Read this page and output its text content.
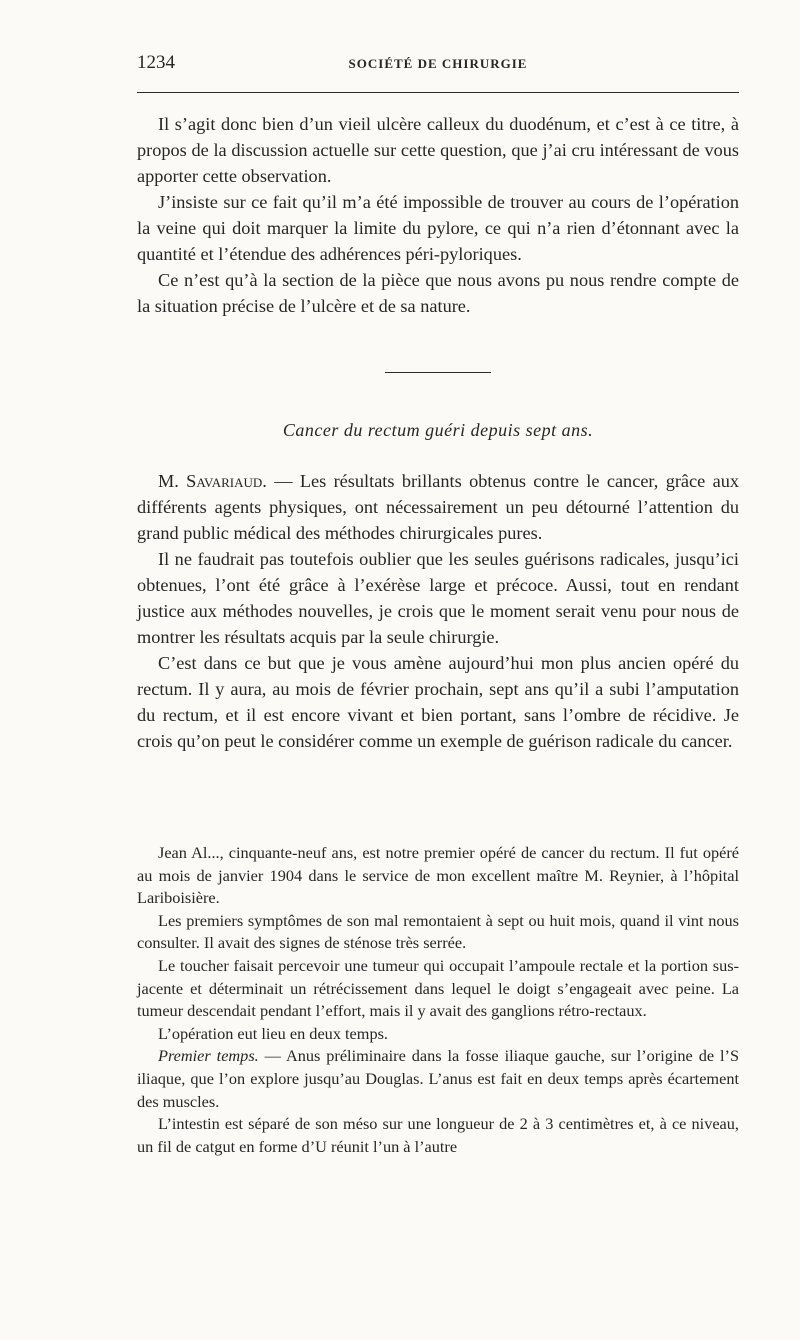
1234	SOCIÉTÉ DE CHIRURGIE

Il s’agit donc bien d’un vieil ulcère calleux du duodénum, et c’est à ce titre, à propos de la discussion actuelle sur cette question, que j’ai cru intéressant de vous apporter cette observation.

J’insiste sur ce fait qu’il m’a été impossible de trouver au cours de l’opération la veine qui doit marquer la limite du pylore, ce qui n’a rien d’étonnant avec la quantité et l’étendue des adhérences péri-pyloriques.

Ce n’est qu’à la section de la pièce que nous avons pu nous rendre compte de la situation précise de l’ulcère et de sa nature.

Cancer du rectum guéri depuis sept ans.

M. Savariaud. — Les résultats brillants obtenus contre le cancer, grâce aux différents agents physiques, ont nécessairement un peu détourné l’attention du grand public médical des méthodes chirurgicales pures.

Il ne faudrait pas toutefois oublier que les seules guérisons radicales, jusqu’ici obtenues, l’ont été grâce à l’exérèse large et précoce. Aussi, tout en rendant justice aux méthodes nouvelles, je crois que le moment serait venu pour nous de montrer les résultats acquis par la seule chirurgie.

C’est dans ce but que je vous amène aujourd’hui mon plus ancien opéré du rectum. Il y aura, au mois de février prochain, sept ans qu’il a subi l’amputation du rectum, et il est encore vivant et bien portant, sans l’ombre de récidive. Je crois qu’on peut le considérer comme un exemple de guérison radicale du cancer.

Jean Al..., cinquante-neuf ans, est notre premier opéré de cancer du rectum. Il fut opéré au mois de janvier 1904 dans le service de mon excellent maître M. Reynier, à l’hôpital Lariboisière.

Les premiers symptômes de son mal remontaient à sept ou huit mois, quand il vint nous consulter. Il avait des signes de sténose très serrée.

Le toucher faisait percevoir une tumeur qui occupait l’ampoule rectale et la portion sus-jacente et déterminait un rétrécissement dans lequel le doigt s’engageait avec peine. La tumeur descendait pendant l’effort, mais il y avait des ganglions rétro-rectaux.

L’opération eut lieu en deux temps.

Premier temps. — Anus préliminaire dans la fosse iliaque gauche, sur l’origine de l’S iliaque, que l’on explore jusqu’au Douglas. L’anus est fait en deux temps après écartement des muscles.

L’intestin est séparé de son méso sur une longueur de 2 à 3 centimètres et, à ce niveau, un fil de catgut en forme d’U réunit l’un à l’autre
